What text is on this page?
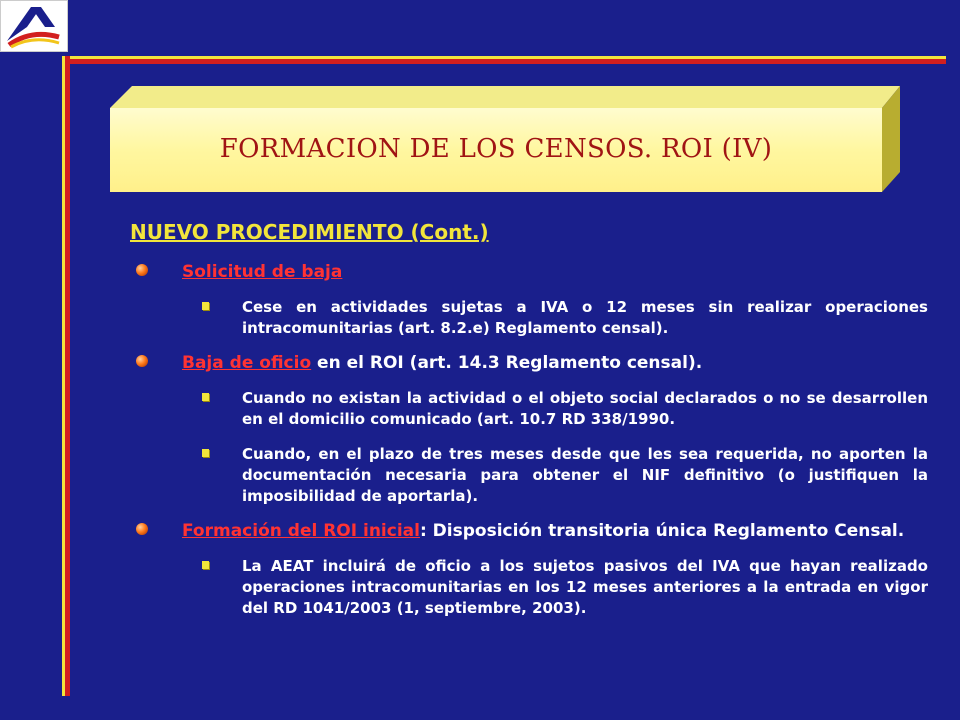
FORMACION DE LOS CENSOS. ROI (IV)
NUEVO PROCEDIMIENTO (Cont.)
Solicitud de baja
Cese en actividades sujetas a IVA o 12 meses sin realizar operaciones intracomunitarias (art. 8.2.e) Reglamento censal).
Baja de oficio en el ROI (art. 14.3 Reglamento censal).
Cuando no existan la actividad o el objeto social declarados o no se desarrollen en el domicilio comunicado (art. 10.7 RD 338/1990.
Cuando, en el plazo de tres meses desde que les sea requerida, no aporten la documentación necesaria para obtener el NIF definitivo (o justifiquen la imposibilidad de aportarla).
Formación del ROI inicial: Disposición transitoria única Reglamento Censal.
La AEAT incluirá de oficio a los sujetos pasivos del IVA que hayan realizado operaciones intracomunitarias en los 12 meses anteriores a la entrada en vigor del RD 1041/2003 (1, septiembre, 2003).
